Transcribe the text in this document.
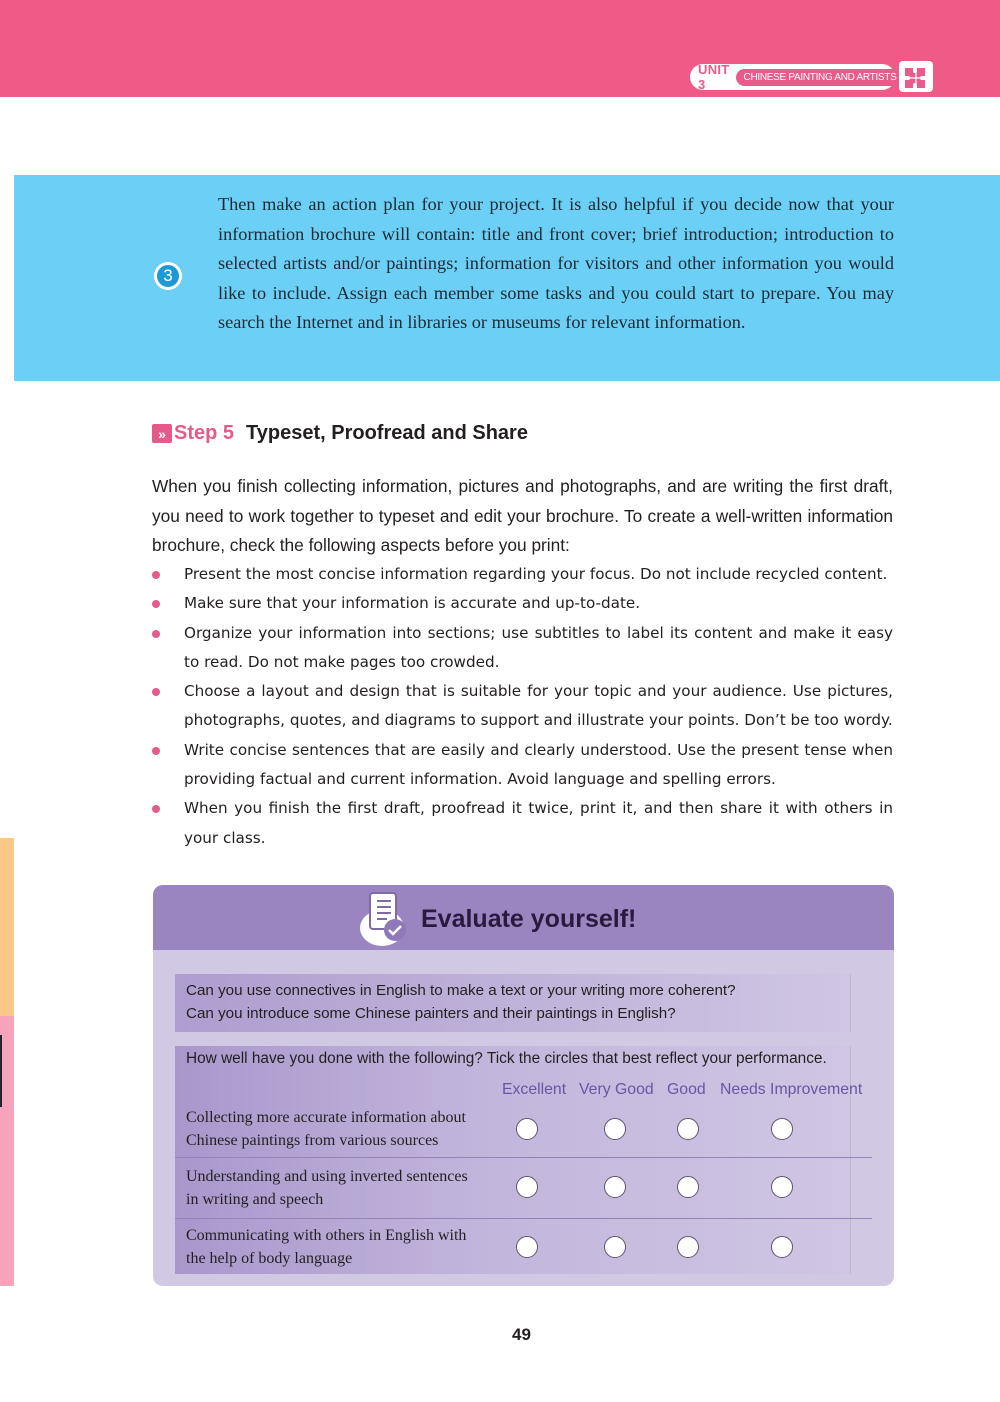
UNIT 3	CHINESE PAINTING AND ARTISTS
3
Then make an action plan for your project. It is also helpful if you decide now that your information brochure will contain: title and front cover; brief introduction; introduction to selected artists and/or paintings; information for visitors and other information you would like to include. Assign each member some tasks and you could start to prepare. You may search the Internet and in libraries or museums for relevant information.
» Step 5 Typeset, Proofread and Share
When you finish collecting information, pictures and photographs, and are writing the first draft, you need to work together to typeset and edit your brochure. To create a well-written information brochure, check the following aspects before you print:
Present the most concise information regarding your focus. Do not include recycled content.
Make sure that your information is accurate and up-to-date.
Organize your information into sections; use subtitles to label its content and make it easy to read. Do not make pages too crowded.
Choose a layout and design that is suitable for your topic and your audience. Use pictures, photographs, quotes, and diagrams to support and illustrate your points. Don’t be too wordy.
Write concise sentences that are easily and clearly understood. Use the present tense when providing factual and current information. Avoid language and spelling errors.
When you finish the first draft, proofread it twice, print it, and then share it with others in your class.
Evaluate yourself!
Can you use connectives in English to make a text or your writing more coherent?
Can you introduce some Chinese painters and their paintings in English?
How well have you done with the following? Tick the circles that best reflect your performance.
Excellent Very Good Good Needs Improvement
Collecting more accurate information about
Chinese paintings from various sources
Understanding and using inverted sentences
in writing and speech
Communicating with others in English with
the help of body language
49
